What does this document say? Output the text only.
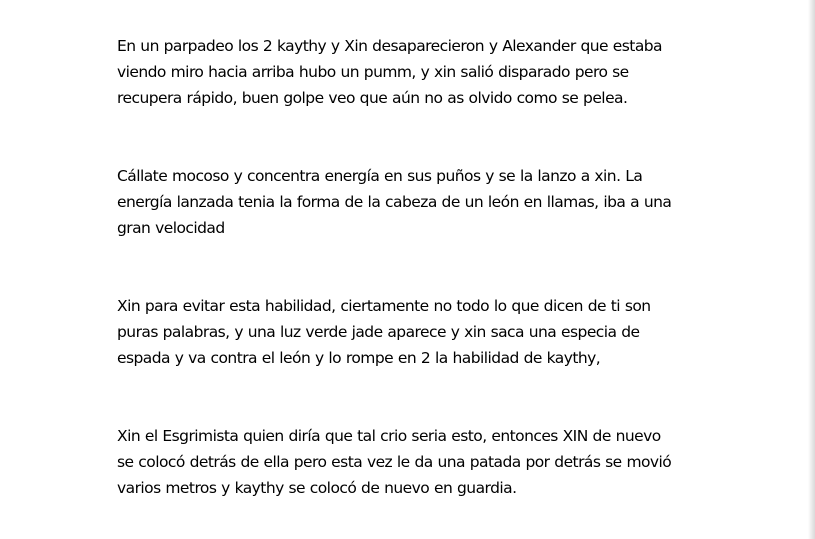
En un parpadeo los 2 kaythy y Xin desaparecieron y Alexander que estaba
viendo miro hacia arriba hubo un pumm, y xin salió disparado pero se
recupera rápido, buen golpe veo que aún no as olvido como se pelea.

Cállate mocoso y concentra energía en sus puños y se la lanzo a xin. La
energía lanzada tenia la forma de la cabeza de un león en llamas, iba a una
gran velocidad

Xin para evitar esta habilidad, ciertamente no todo lo que dicen de ti son
puras palabras, y una luz verde jade aparece y xin saca una especia de
espada y va contra el león y lo rompe en 2 la habilidad de kaythy,

Xin el Esgrimista quien diría que tal crio seria esto, entonces XIN de nuevo
se colocó detrás de ella pero esta vez le da una patada por detrás se movió
varios metros y kaythy se colocó de nuevo en guardia.
